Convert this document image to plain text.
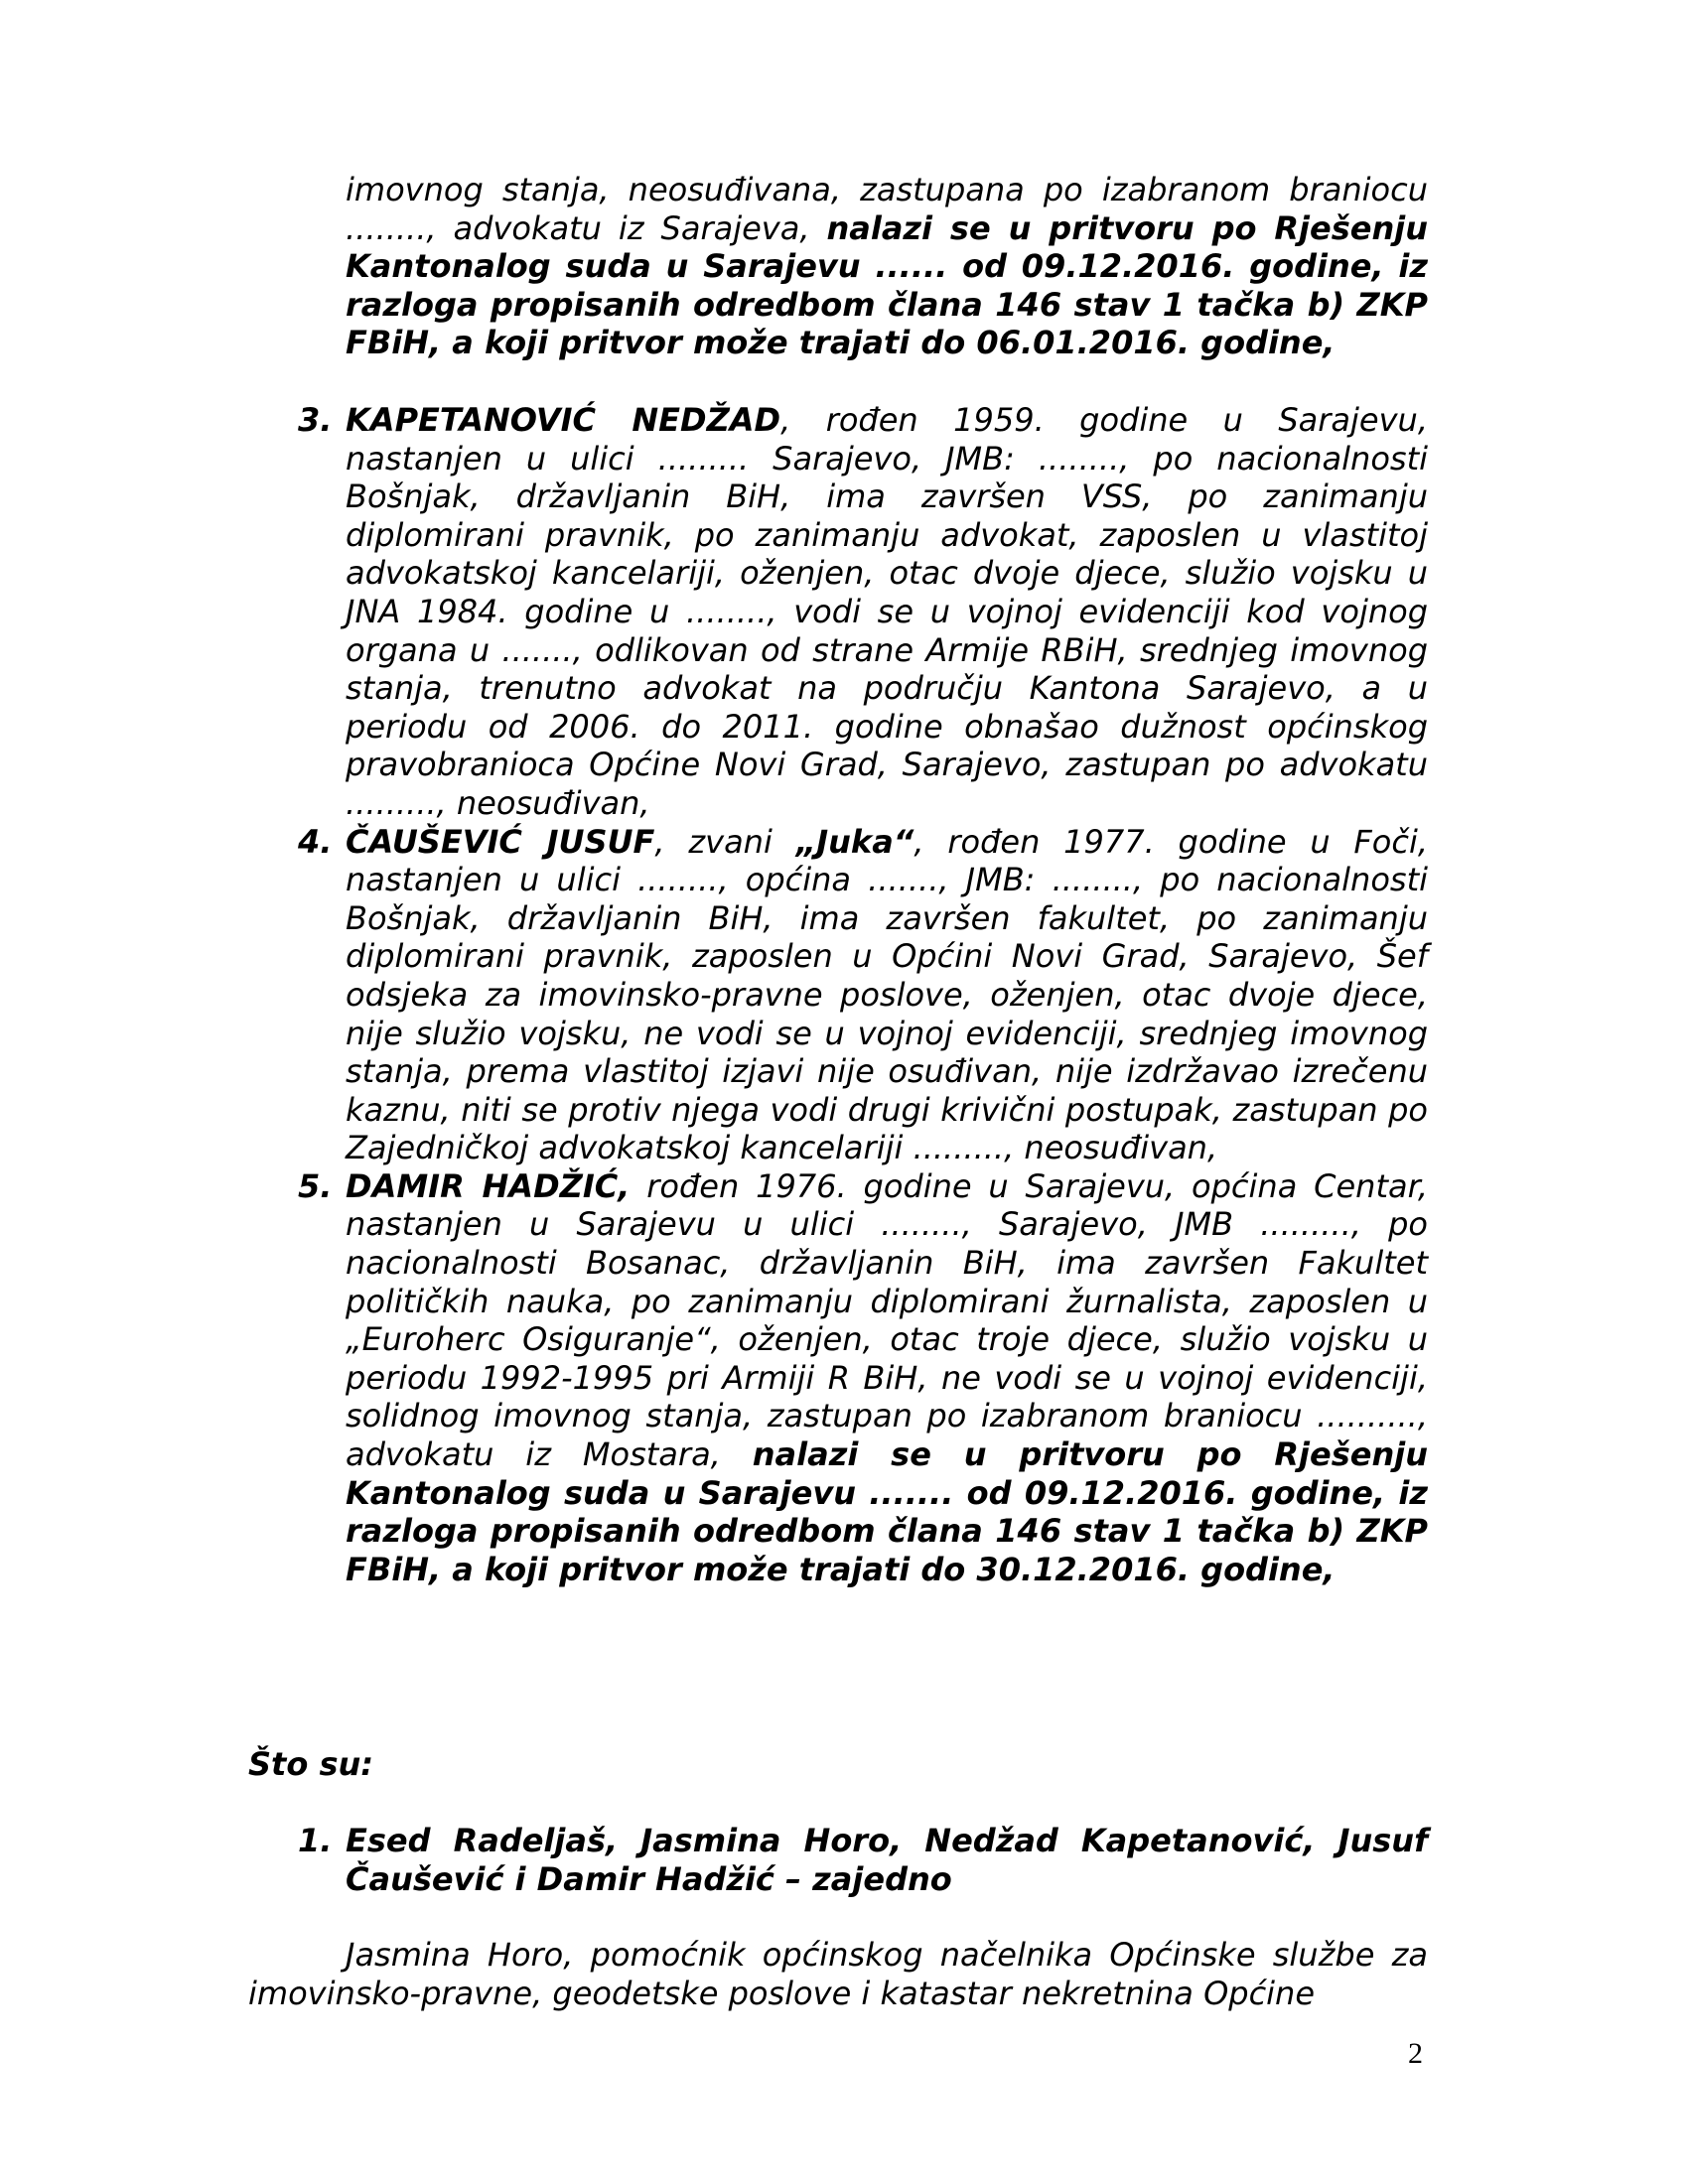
imovnog stanja, neosuđivana, zastupana po izabranom braniocu ........, advokatu iz Sarajeva, nalazi se u pritvoru po Rješenju Kantonalog suda u Sarajevu ...... od 09.12.2016. godine, iz razloga propisanih odredbom člana 146 stav 1 tačka b) ZKP FBiH, a koji pritvor može trajati do 06.01.2016. godine,
3. KAPETANOVIĆ NEDŽAD, rođen 1959. godine u Sarajevu, nastanjen u ulici ......... Sarajevo, JMB: ........, po nacionalnosti Bošnjak, državljanin BiH, ima završen VSS, po zanimanju diplomirani pravnik, po zanimanju advokat, zaposlen u vlastitoj advokatskoj kancelariji, oženjen, otac dvoje djece, služio vojsku u JNA 1984. godine u ........, vodi se u vojnoj evidenciji kod vojnog organa u ......., odlikovan od strane Armije RBiH, srednjeg imovnog stanja, trenutno advokat na području Kantona Sarajevo, a u periodu od 2006. do 2011. godine obnašao dužnost općinskog pravobranioca Općine Novi Grad, Sarajevo, zastupan po advokatu ........., neosuđivan,
4. ČAUŠEVIĆ JUSUF, zvani „Juka“, rođen 1977. godine u Foči, nastanjen u ulici ........, općina ......., JMB: ........, po nacionalnosti Bošnjak, državljanin BiH, ima završen fakultet, po zanimanju diplomirani pravnik, zaposlen u Općini Novi Grad, Sarajevo, Šef odsjeka za imovinsko-pravne poslove, oženjen, otac dvoje djece, nije služio vojsku, ne vodi se u vojnoj evidenciji, srednjeg imovnog stanja, prema vlastitoj izjavi nije osuđivan, nije izdržavao izrečenu kaznu, niti se protiv njega vodi drugi krivični postupak, zastupan po Zajedničkoj advokatskoj kancelariji ........., neosuđivan,
5. DAMIR HADŽIĆ, rođen 1976. godine u Sarajevu, općina Centar, nastanjen u Sarajevu u ulici ........, Sarajevo, JMB ........., po nacionalnosti Bosanac, državljanin BiH, ima završen Fakultet političkih nauka, po zanimanju diplomirani žurnalista, zaposlen u „Euroherc Osiguranje“, oženjen, otac troje djece, služio vojsku u periodu 1992-1995 pri Armiji R BiH, ne vodi se u vojnoj evidenciji, solidnog imovnog stanja, zastupan po izabranom braniocu .........., advokatu iz Mostara, nalazi se u pritvoru po Rješenju Kantonalog suda u Sarajevu ....... od 09.12.2016. godine, iz razloga propisanih odredbom člana 146 stav 1 tačka b) ZKP FBiH, a koji pritvor može trajati do 30.12.2016. godine,
Što su:
1. Esed Radeljaš, Jasmina Horo, Nedžad Kapetanović, Jusuf Čaušević i Damir Hadžić – zajedno
Jasmina Horo, pomoćnik općinskog načelnika Općinske službe za imovinsko-pravne, geodetske poslove i katastar nekretnina Općine
2
